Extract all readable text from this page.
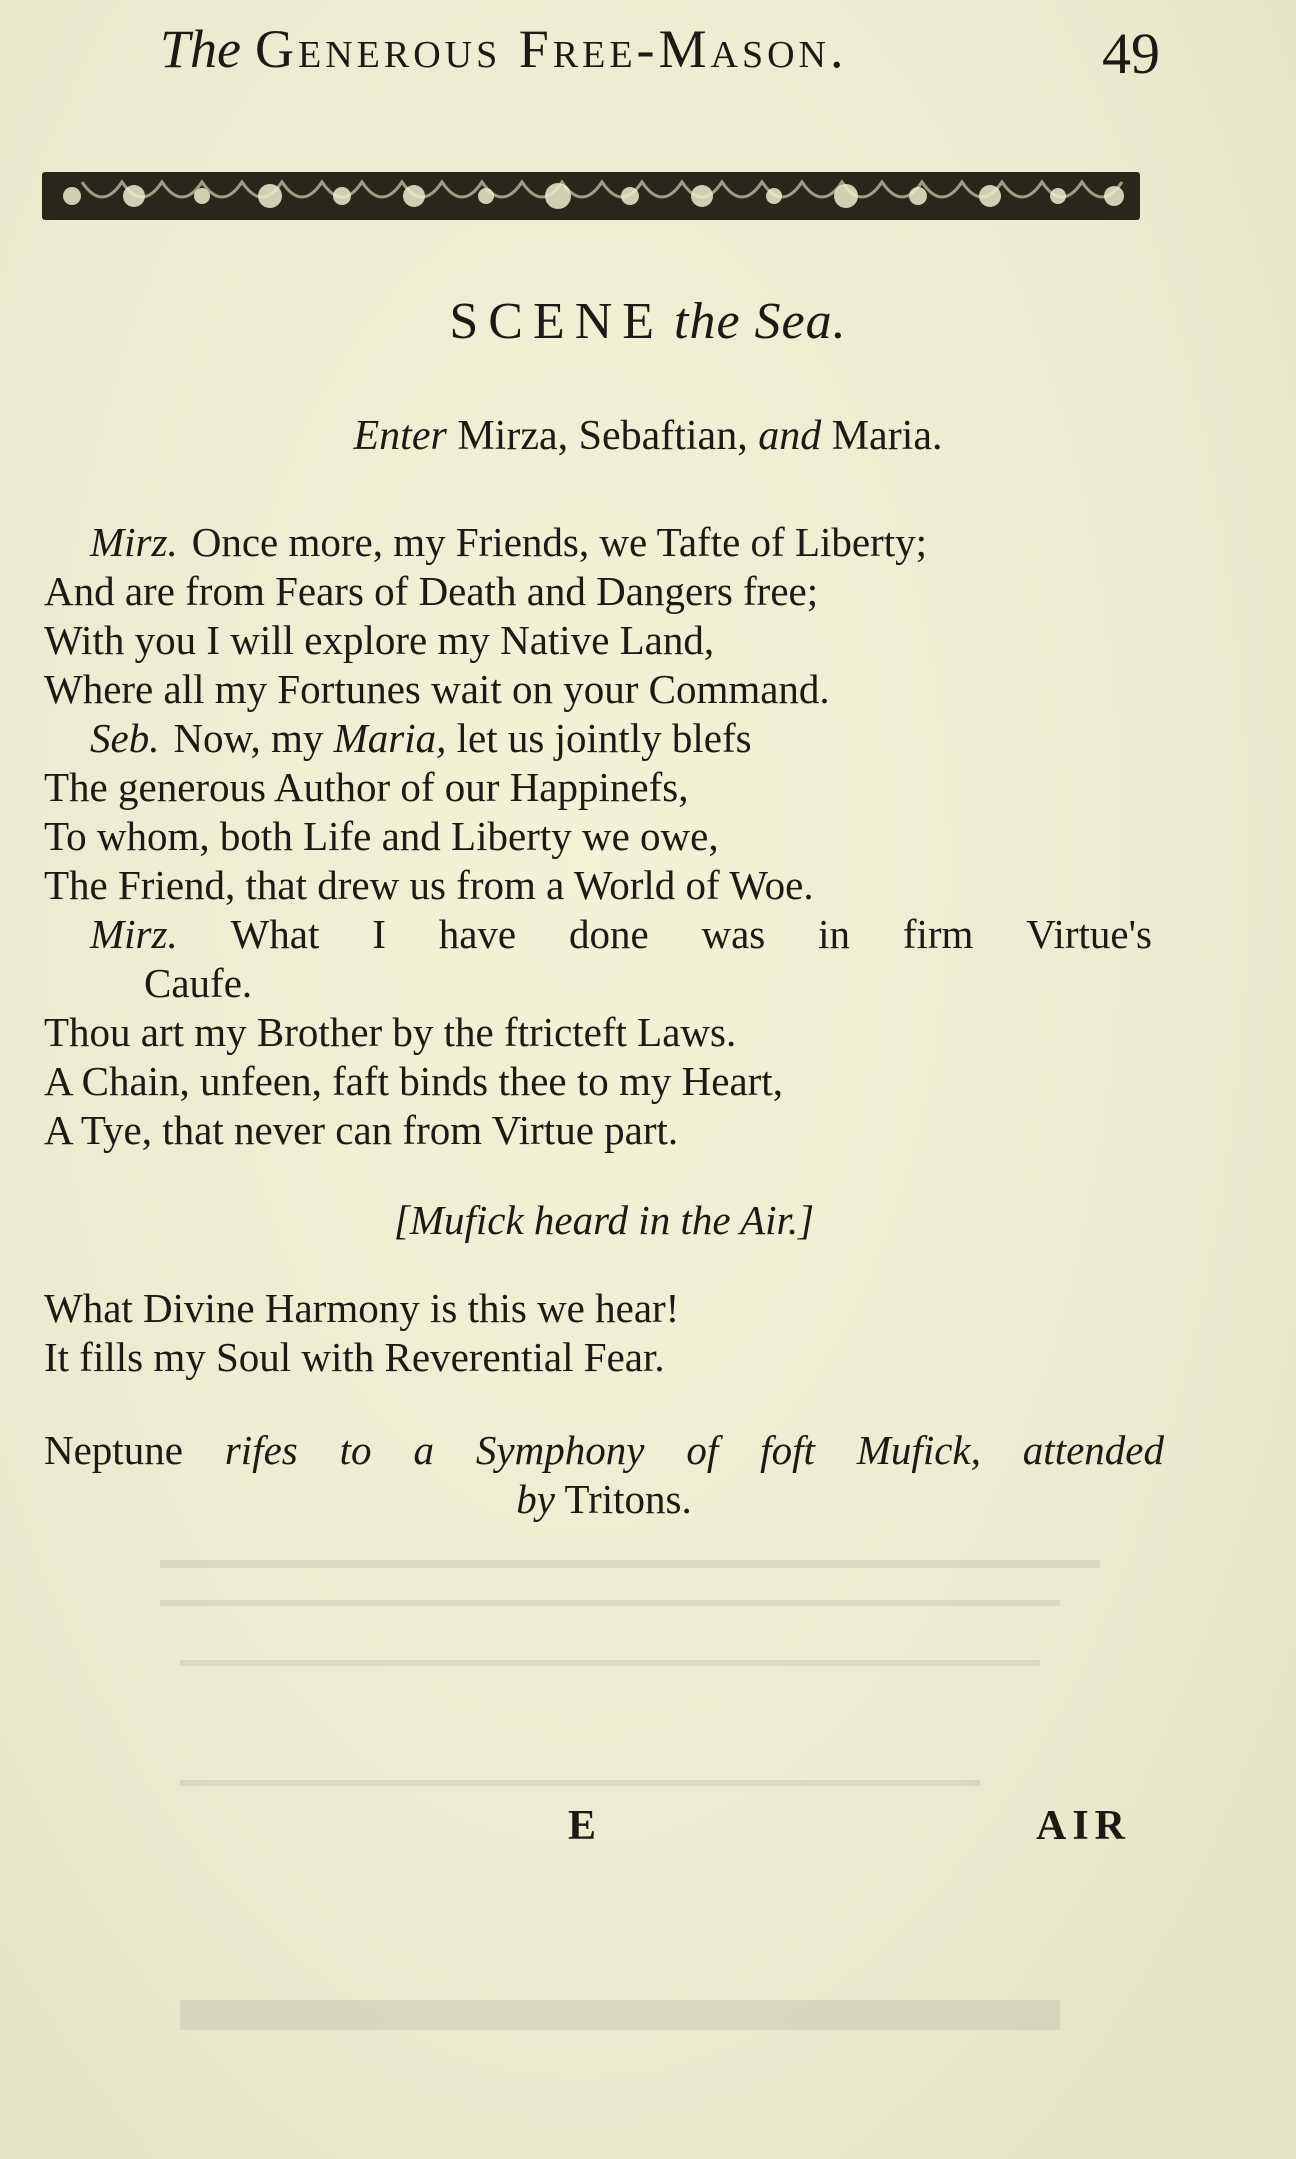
The Generous Free-Mason.	49
SCENE the Sea.
Enter Mirza, Sebaftian, and Maria.
Mirz. Once more, my Friends, we Tafte of Liberty;
And are from Fears of Death and Dangers free;
With you I will explore my Native Land,
Where all my Fortunes wait on your Command.
Seb. Now, my Maria, let us jointly blefs
The generous Author of our Happinefs,
To whom, both Life and Liberty we owe,
The Friend, that drew us from a World of Woe.
Mirz. What I have done was in firm Virtue's
Caufe.
Thou art my Brother by the ftricteft Laws.
A Chain, unfeen, faft binds thee to my Heart,
A Tye, that never can from Virtue part.
[Mufick heard in the Air.]
What Divine Harmony is this we hear!
It fills my Soul with Reverential Fear.
Neptune rifes to a Symphony of foft Mufick, attended
by Tritons.
E	AIR
